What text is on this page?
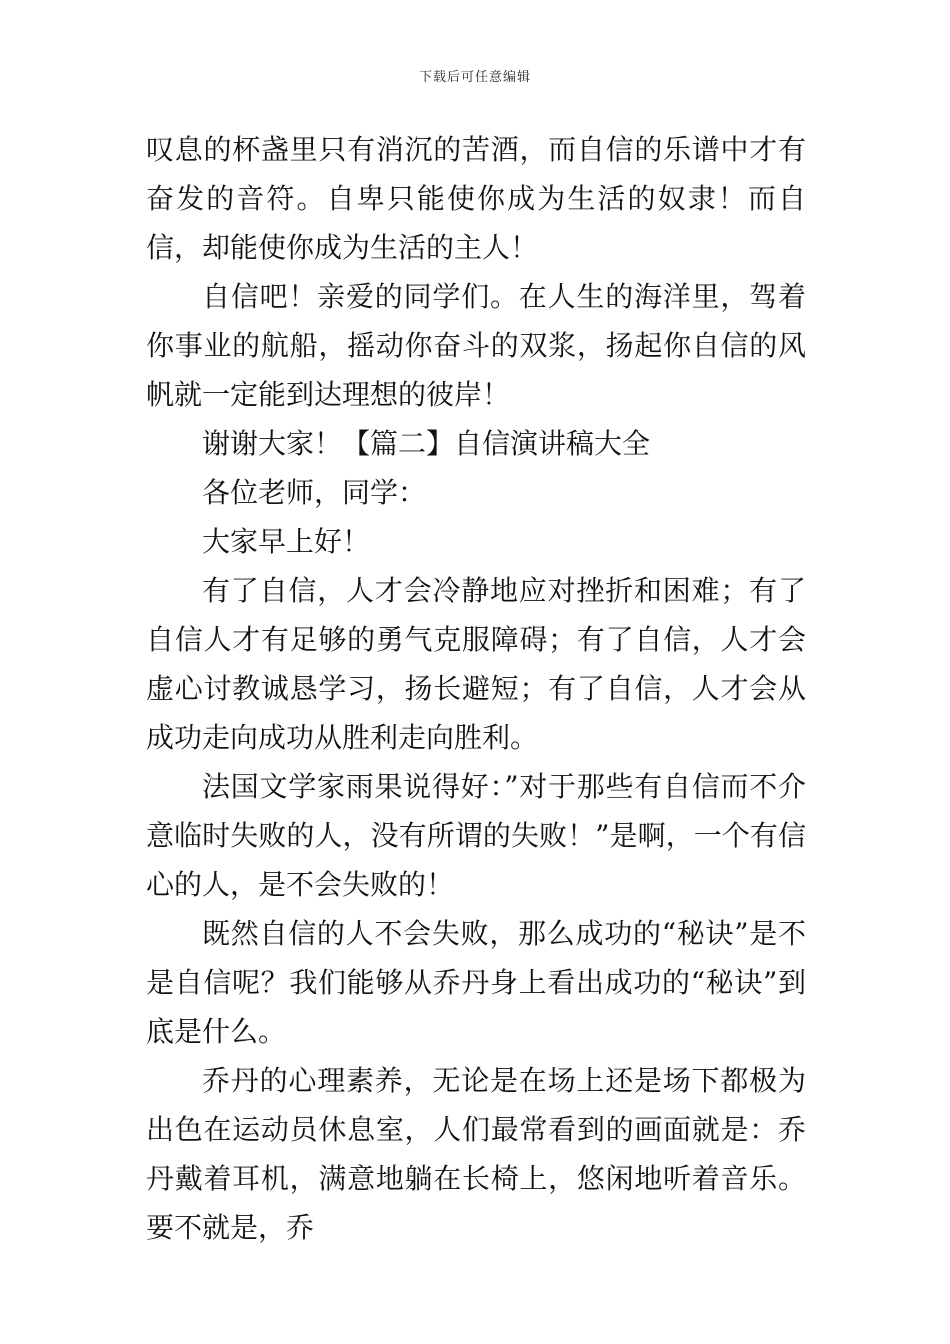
下载后可任意编辑

叹息的杯盏里只有消沉的苦酒，而自信的乐谱中才有奋发的音符。自卑只能使你成为生活的奴隶！而自信，却能使你成为生活的主人！

自信吧！亲爱的同学们。在人生的海洋里，驾着你事业的航船，摇动你奋斗的双浆，扬起你自信的风帆就一定能到达理想的彼岸！

谢谢大家！【篇二】自信演讲稿大全

各位老师，同学：

大家早上好！

有了自信，人才会冷静地应对挫折和困难；有了自信人才有足够的勇气克服障碍；有了自信，人才会虚心讨教诚恳学习，扬长避短；有了自信，人才会从成功走向成功从胜利走向胜利。

法国文学家雨果说得好：”对于那些有自信而不介意临时失败的人，没有所谓的失败！”是啊，一个有信心的人，是不会失败的！

既然自信的人不会失败，那么成功的“秘诀”是不是自信呢？我们能够从乔丹身上看出成功的“秘诀”到底是什么。

乔丹的心理素养，无论是在场上还是场下都极为出色在运动员休息室，人们最常看到的画面就是：乔丹戴着耳机，满意地躺在长椅上，悠闲地听着音乐。要不就是，乔
